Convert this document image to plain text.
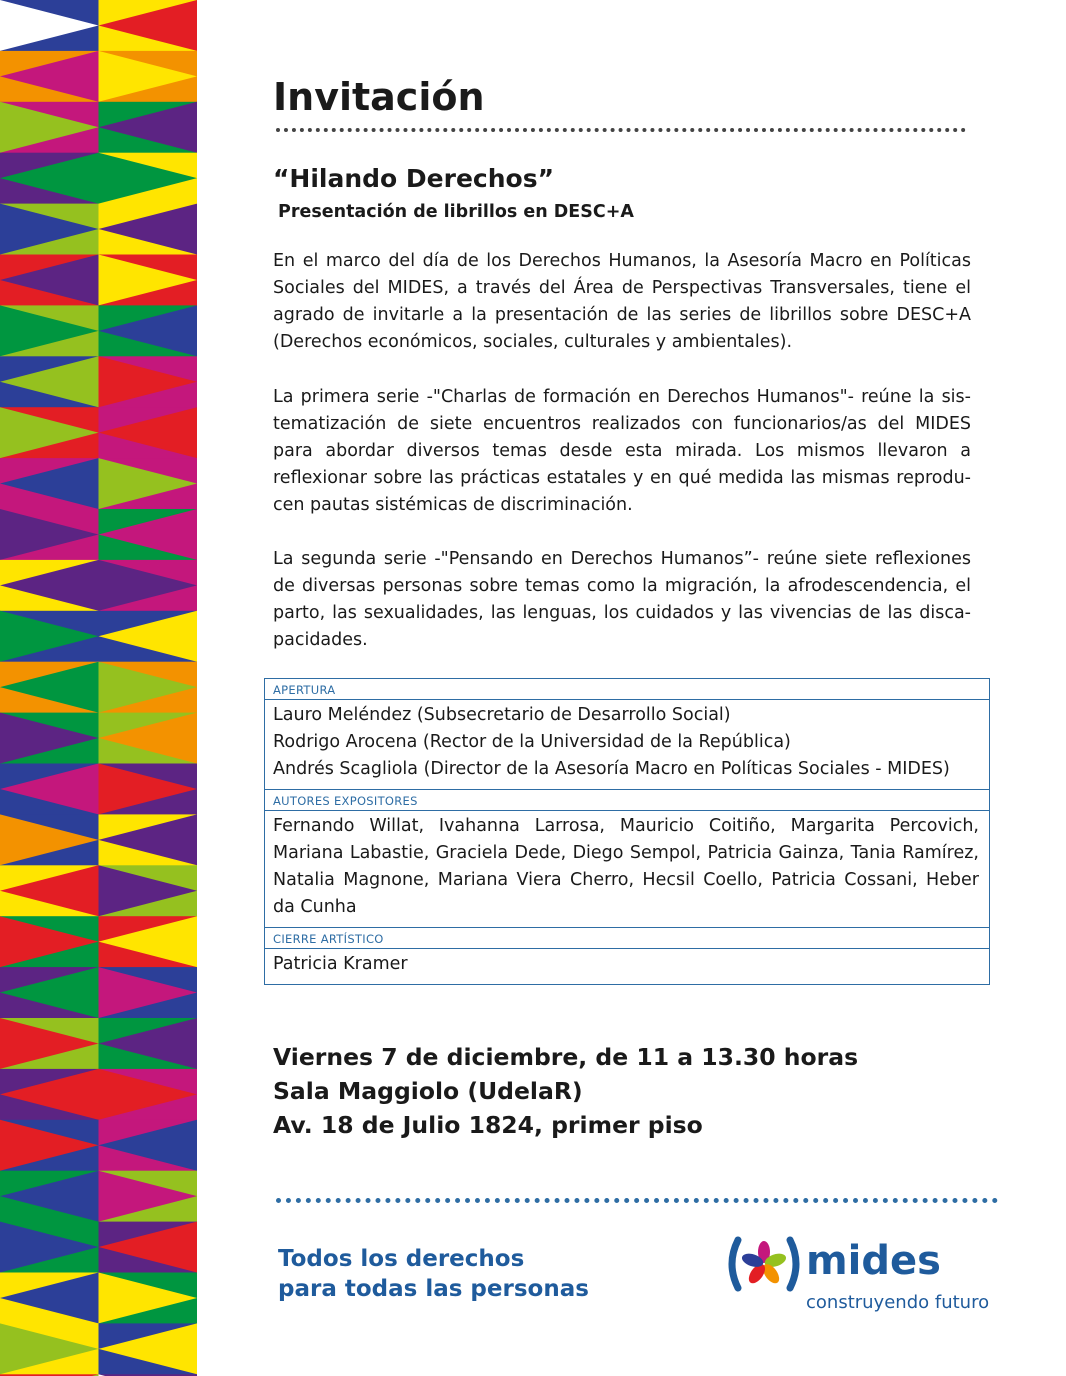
Invitación
“Hilando Derechos”
Presentación de librillos en DESC+A

En el marco del día de los Derechos Humanos, la Asesoría Macro en Políticas Sociales del MIDES, a través del Área de Perspectivas Transversales, tiene el agrado de invitarle a la presentación de las series de librillos sobre DESC+A (Derechos económicos, sociales, culturales y ambientales).

La primera serie -"Charlas de formación en Derechos Humanos"- reúne la sistematización de siete encuentros realizados con funcionarios/as del MIDES para abordar diversos temas desde esta mirada. Los mismos llevaron a reflexionar sobre las prácticas estatales y en qué medida las mismas reproducen pautas sistémicas de discriminación.

La segunda serie -"Pensando en Derechos Humanos”- reúne siete reflexiones de diversas personas sobre temas como la migración, la afrodescendencia, el parto, las sexualidades, las lenguas, los cuidados y las vivencias de las discapacidades.

APERTURA
Lauro Meléndez (Subsecretario de Desarrollo Social)
Rodrigo Arocena (Rector de la Universidad de la República)
Andrés Scagliola (Director de la Asesoría Macro en Políticas Sociales - MIDES)
AUTORES EXPOSITORES
Fernando Willat, Ivahanna Larrosa, Mauricio Coitiño, Margarita Percovich, Mariana Labastie, Graciela Dede, Diego Sempol, Patricia Gainza, Tania Ramírez, Natalia Magnone, Mariana Viera Cherro, Hecsil Coello, Patricia Cossani, Heber da Cunha
CIERRE ARTÍSTICO
Patricia Kramer
Viernes 7 de diciembre, de 11 a 13.30 horas
Sala Maggiolo (UdelaR)
Av. 18 de Julio 1824, primer piso
Todos los derechos
para todas las personas
mides
construyendo futuro
